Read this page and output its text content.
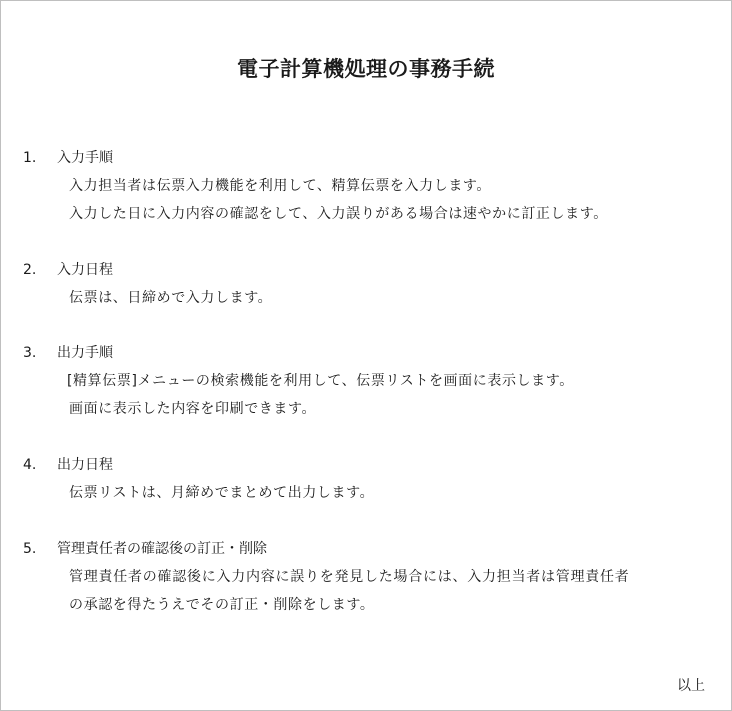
電子計算機処理の事務手続
1. 入力手順
入力担当者は伝票入力機能を利用して、精算伝票を入力します。
入力した日に入力内容の確認をして、入力誤りがある場合は速やかに訂正します。
2. 入力日程
伝票は、日締めで入力します。
3. 出力手順
[精算伝票]メニューの検索機能を利用して、伝票リストを画面に表示します。
画面に表示した内容を印刷できます。
4. 出力日程
伝票リストは、月締めでまとめて出力します。
5. 管理責任者の確認後の訂正・削除
管理責任者の確認後に入力内容に誤りを発見した場合には、入力担当者は管理責任者
の承認を得たうえでその訂正・削除をします。
以上
